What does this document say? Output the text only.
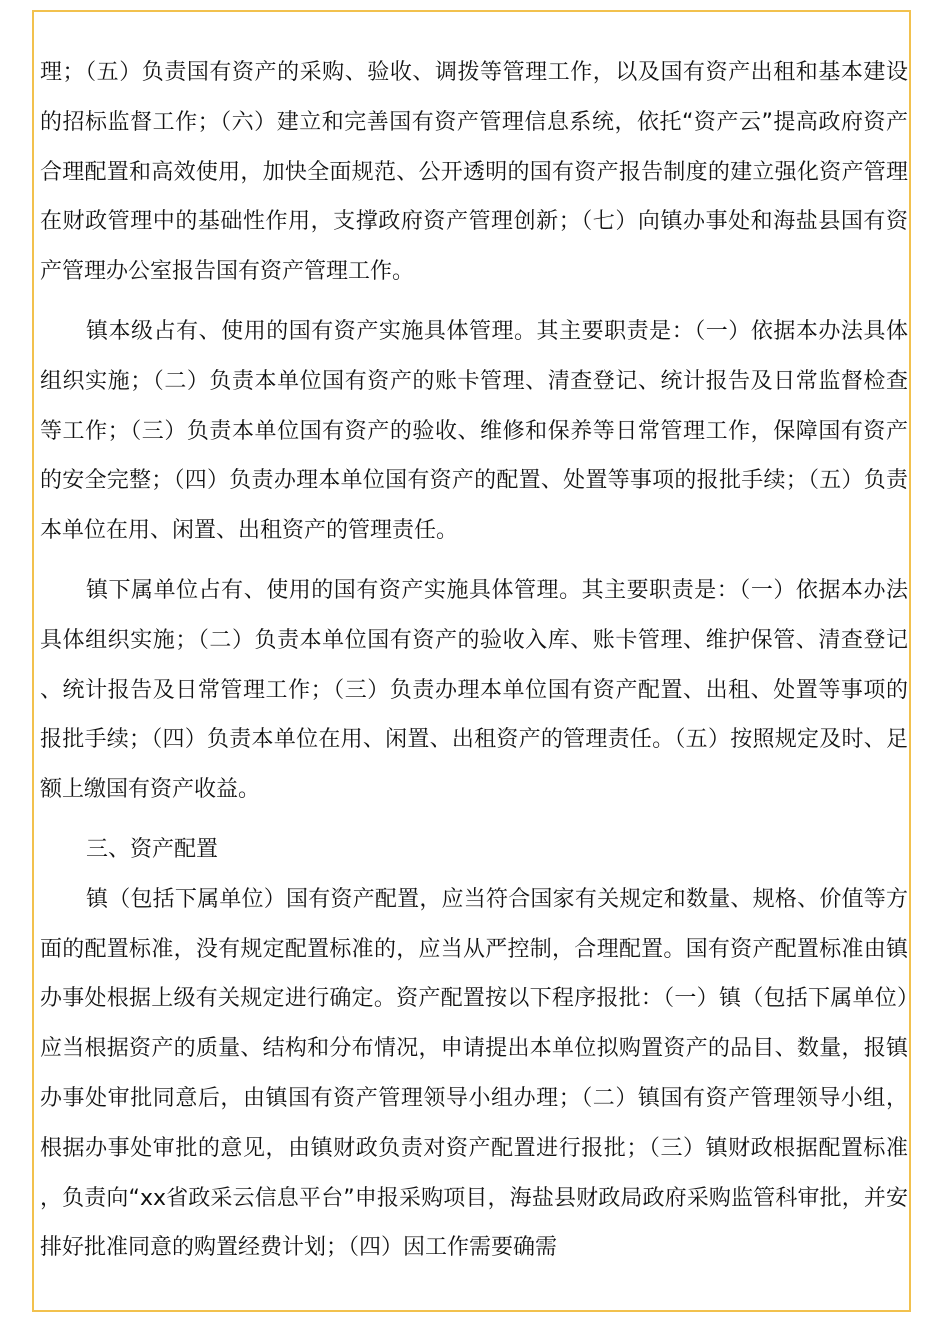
理；（五）负责国有资产的采购、验收、调拨等管理工作，以及国有资产出租和基本建设的招标监督工作；（六）建立和完善国有资产管理信息系统，依托“资产云”提高政府资产合理配置和高效使用，加快全面规范、公开透明的国有资产报告制度的建立强化资产管理在财政管理中的基础性作用，支撑政府资产管理创新；（七）向镇办事处和海盐县国有资产管理办公室报告国有资产管理工作。

镇本级占有、使用的国有资产实施具体管理。其主要职责是：（一）依据本办法具体组织实施；（二）负责本单位国有资产的账卡管理、清查登记、统计报告及日常监督检查等工作；（三）负责本单位国有资产的验收、维修和保养等日常管理工作，保障国有资产的安全完整；（四）负责办理本单位国有资产的配置、处置等事项的报批手续；（五）负责本单位在用、闲置、出租资产的管理责任。

镇下属单位占有、使用的国有资产实施具体管理。其主要职责是：（一）依据本办法具体组织实施；（二）负责本单位国有资产的验收入库、账卡管理、维护保管、清查登记、统计报告及日常管理工作；（三）负责办理本单位国有资产配置、出租、处置等事项的报批手续；（四）负责本单位在用、闲置、出租资产的管理责任。（五）按照规定及时、足额上缴国有资产收益。

三、资产配置

镇（包括下属单位）国有资产配置，应当符合国家有关规定和数量、规格、价值等方面的配置标准，没有规定配置标准的，应当从严控制，合理配置。国有资产配置标准由镇办事处根据上级有关规定进行确定。资产配置按以下程序报批：（一）镇（包括下属单位）应当根据资产的质量、结构和分布情况，申请提出本单位拟购置资产的品目、数量，报镇办事处审批同意后，由镇国有资产管理领导小组办理；（二）镇国有资产管理领导小组，根据办事处审批的意见，由镇财政负责对资产配置进行报批；（三）镇财政根据配置标准，负责向“xx省政采云信息平台”申报采购项目，海盐县财政局政府采购监管科审批，并安排好批准同意的购置经费计划；（四）因工作需要确需
